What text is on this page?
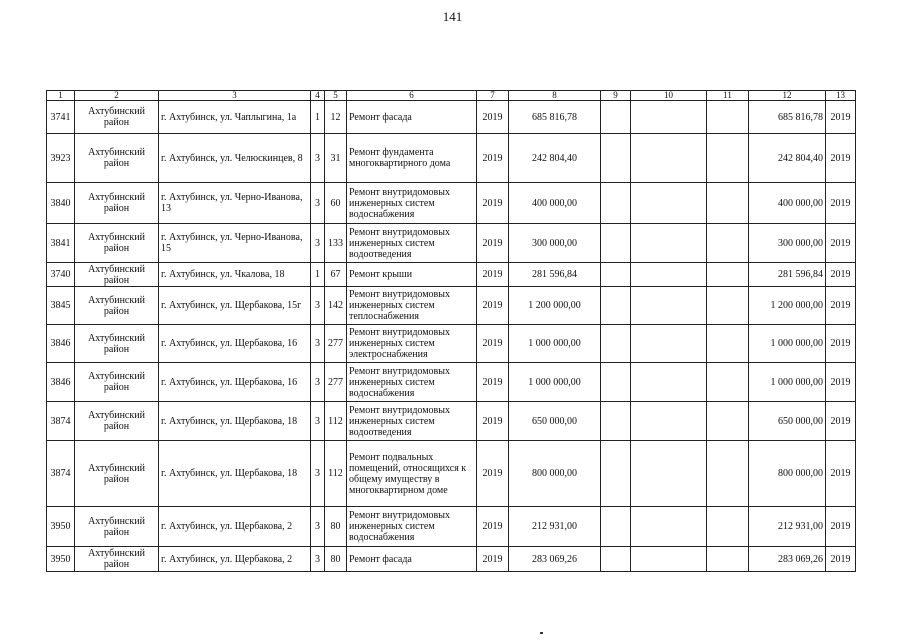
141
1	2	3	4	5	6	7	8	9	10	11	12	13
3741	Ахтубинский район	г. Ахтубинск, ул. Чаплыгина, 1а	1	12	Ремонт фасада	2019	685 816,78				685 816,78	2019
3923	Ахтубинский район	г. Ахтубинск, ул. Челюскинцев, 8	3	31	Ремонт фундамента многоквартирного дома	2019	242 804,40				242 804,40	2019
3840	Ахтубинский район	г. Ахтубинск, ул. Черно-Иванова, 13	3	60	Ремонт внутридомовых инженерных систем водоснабжения	2019	400 000,00				400 000,00	2019
3841	Ахтубинский район	г. Ахтубинск, ул. Черно-Иванова, 15	3	133	Ремонт внутридомовых инженерных систем водоотведения	2019	300 000,00				300 000,00	2019
3740	Ахтубинский район	г. Ахтубинск, ул. Чкалова, 18	1	67	Ремонт крыши	2019	281 596,84				281 596,84	2019
3845	Ахтубинский район	г. Ахтубинск, ул. Щербакова, 15г	3	142	Ремонт внутридомовых инженерных систем теплоснабжения	2019	1 200 000,00				1 200 000,00	2019
3846	Ахтубинский район	г. Ахтубинск, ул. Щербакова, 16	3	277	Ремонт внутридомовых инженерных систем электроснабжения	2019	1 000 000,00				1 000 000,00	2019
3846	Ахтубинский район	г. Ахтубинск, ул. Щербакова, 16	3	277	Ремонт внутридомовых инженерных систем водоснабжения	2019	1 000 000,00				1 000 000,00	2019
3874	Ахтубинский район	г. Ахтубинск, ул. Щербакова, 18	3	112	Ремонт внутридомовых инженерных систем водоотведения	2019	650 000,00				650 000,00	2019
3874	Ахтубинский район	г. Ахтубинск, ул. Щербакова, 18	3	112	Ремонт подвальных помещений, относящихся к общему имуществу в многоквартирном доме	2019	800 000,00				800 000,00	2019
3950	Ахтубинский район	г. Ахтубинск, ул. Щербакова, 2	3	80	Ремонт внутридомовых инженерных систем водоснабжения	2019	212 931,00				212 931,00	2019
3950	Ахтубинский район	г. Ахтубинск, ул. Щербакова, 2	3	80	Ремонт фасада	2019	283 069,26				283 069,26	2019
